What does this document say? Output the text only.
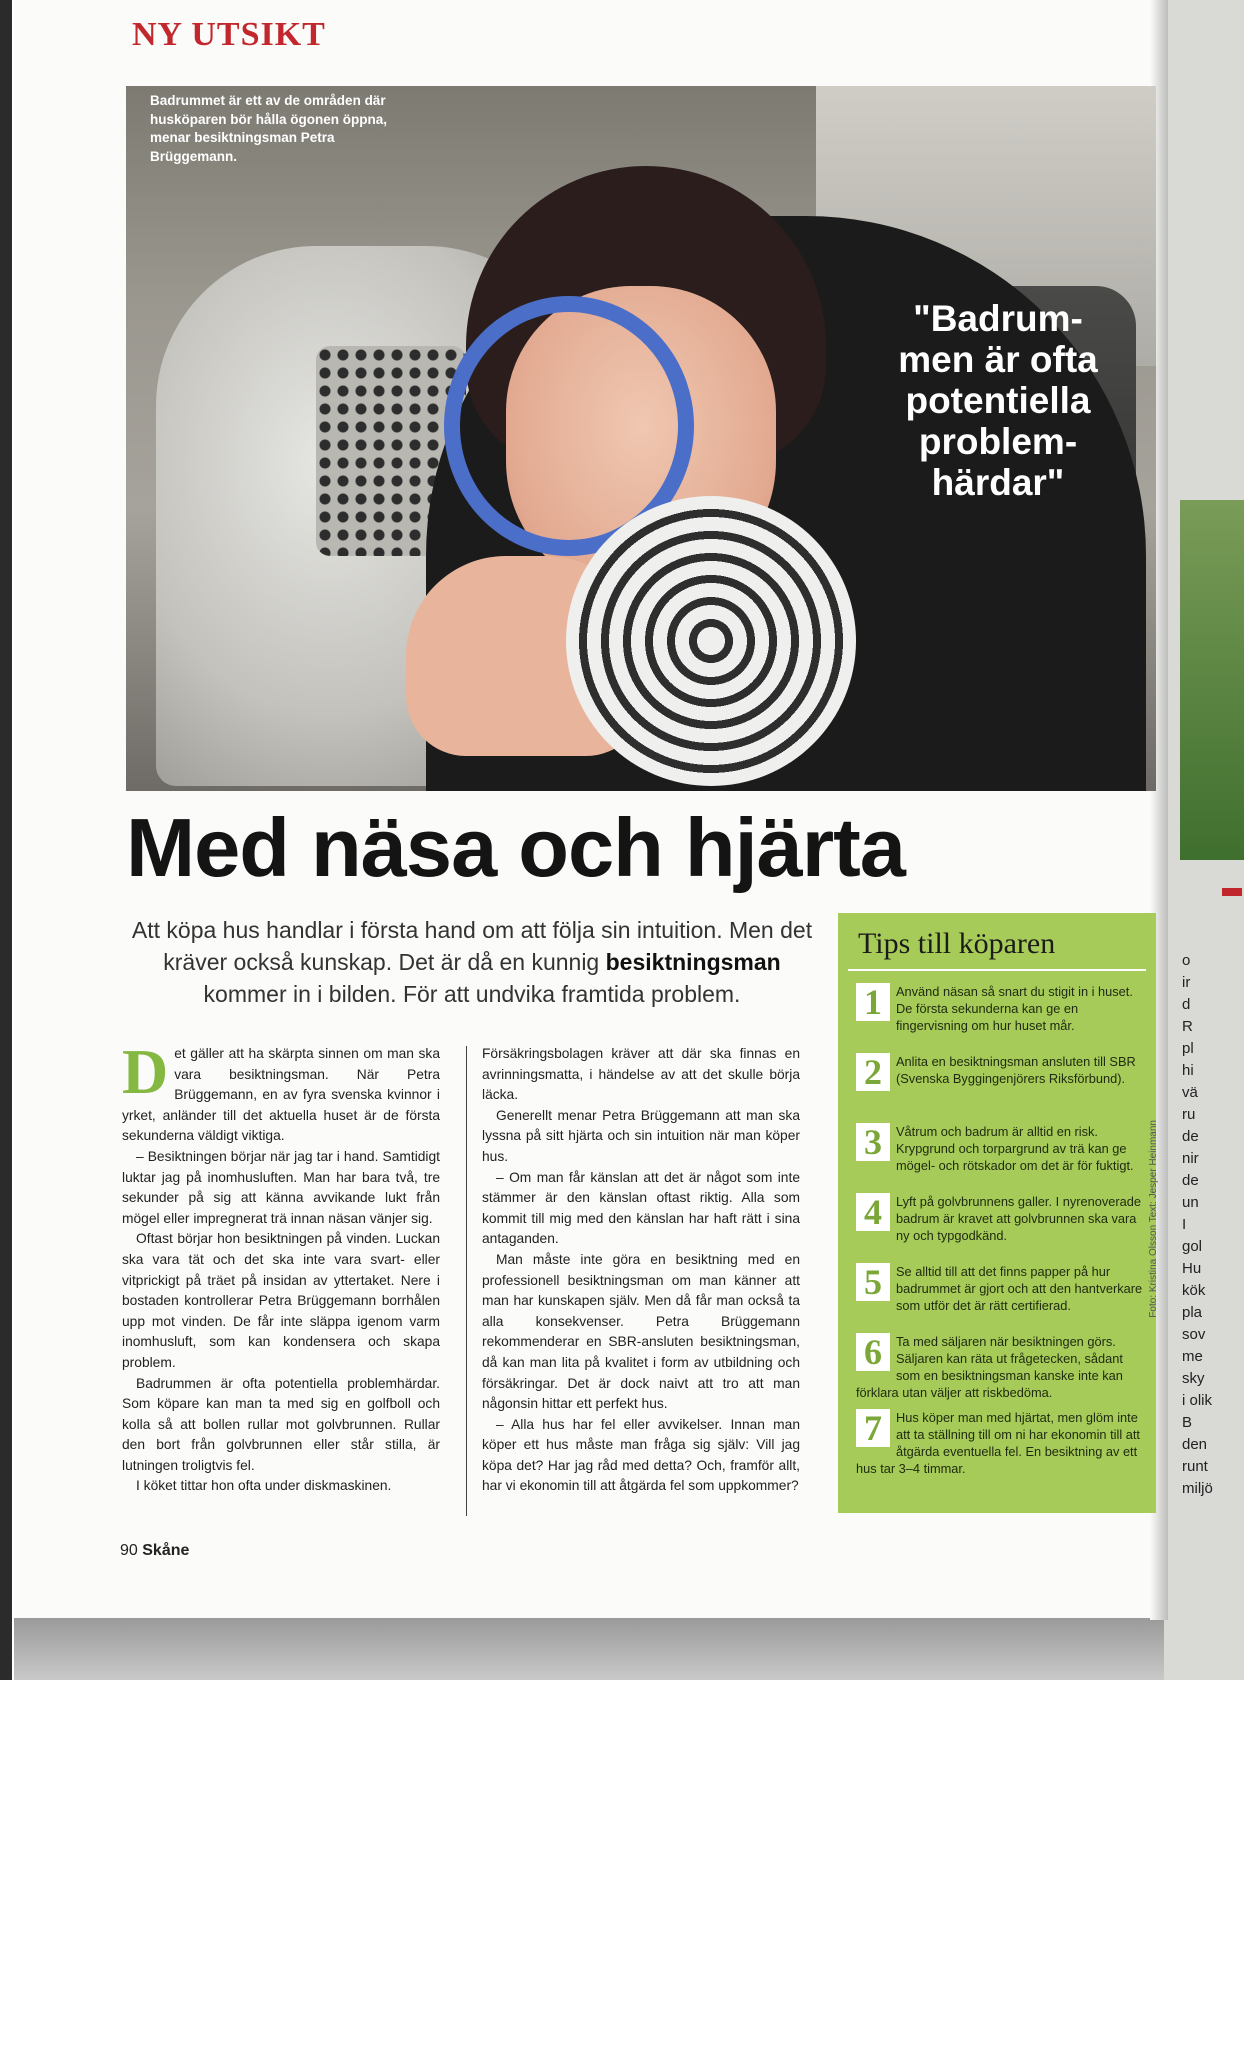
o
ir
d
R
pl
hi
vä
ru
de
nir
de
un
I
gol
Hu
kök
pla
sov
me
sky
i olik
B
den
runt
miljö
NY UTSIKT
Badrummet är ett av de områden där husköparen bör hålla ögonen öppna, menar besiktningsman Petra Brüggemann.
"Badrum-
men är ofta
potentiella
problem-
härdar"
Med näsa och hjärta
Att köpa hus handlar i första hand om att följa sin intuition. Men det kräver också kunskap. Det är då en kunnig besiktningsman kommer in i bilden. För att undvika framtida problem.
D et gäller att ha skärpta sinnen om man ska vara besiktningsman. När Petra Brüggemann, en av fyra svenska kvinnor i yrket, anländer till det aktuella huset är de första sekunderna väldigt viktiga.

– Besiktningen börjar när jag tar i hand. Samtidigt luktar jag på inomhusluften. Man har bara två, tre sekunder på sig att känna avvikande lukt från mögel eller impregnerat trä innan näsan vänjer sig.

Oftast börjar hon besiktningen på vinden. Luckan ska vara tät och det ska inte vara svart- eller vitprickigt på träet på insidan av yttertaket. Nere i bostaden kontrollerar Petra Brüggemann borrhålen upp mot vinden. De får inte släppa igenom varm inomhusluft, som kan kondensera och skapa problem.

Badrummen är ofta potentiella problemhärdar. Som köpare kan man ta med sig en golfboll och kolla så att bollen rullar mot golvbrunnen. Rullar den bort från golvbrunnen eller står stilla, är lutningen troligtvis fel.

I köket tittar hon ofta under diskmaskinen.

Försäkringsbolagen kräver att där ska finnas en avrinningsmatta, i händelse av att det skulle börja läcka.

Generellt menar Petra Brüggemann att man ska lyssna på sitt hjärta och sin intuition när man köper hus.

– Om man får känslan att det är något som inte stämmer är den känslan oftast riktig. Alla som kommit till mig med den känslan har haft rätt i sina antaganden.

Man måste inte göra en besiktning med en professionell besiktningsman om man känner att man har kunskapen själv. Men då får man också ta alla konsekvenser. Petra Brüggemann rekommenderar en SBR-ansluten besiktningsman, då kan man lita på kvalitet i form av utbildning och försäkringar. Det är dock naivt att tro att man någonsin hittar ett perfekt hus.

– Alla hus har fel eller avvikelser. Innan man köper ett hus måste man fråga sig själv: Vill jag köpa det? Har jag råd med detta? Och, framför allt, har vi ekonomin till att åtgärda fel som uppkommer?

Tips till köparen
1	Använd näsan så snart du stigit in i huset. De första sekunderna kan ge en fingervisning om hur huset mår.
2	Anlita en besiktningsman ansluten till SBR (Svenska Byggingenjörers Riksförbund).
3	Våtrum och badrum är alltid en risk. Krypgrund och torpargrund av trä kan ge mögel- och rötskador om det är för fuktigt.
4	Lyft på golvbrunnens galler. I nyrenoverade badrum är kravet att golvbrunnen ska vara ny och typgodkänd.
5	Se alltid till att det finns papper på hur badrummet är gjort och att den hantverkare som utför det är rätt certifierad.
6	Ta med säljaren när besiktningen görs. Säljaren kan räta ut frågetecken, sådant som en besiktningsman kanske inte kan förklara utan väljer att riskbedöma.
7	Hus köper man med hjärtat, men glöm inte att ta ställning till om ni har ekonomin till att åtgärda eventuella fel. En besiktning av ett hus tar 3–4 timmar.
Foto: Kristina Olsson Text: Jesper Heinmann
90 Skåne
